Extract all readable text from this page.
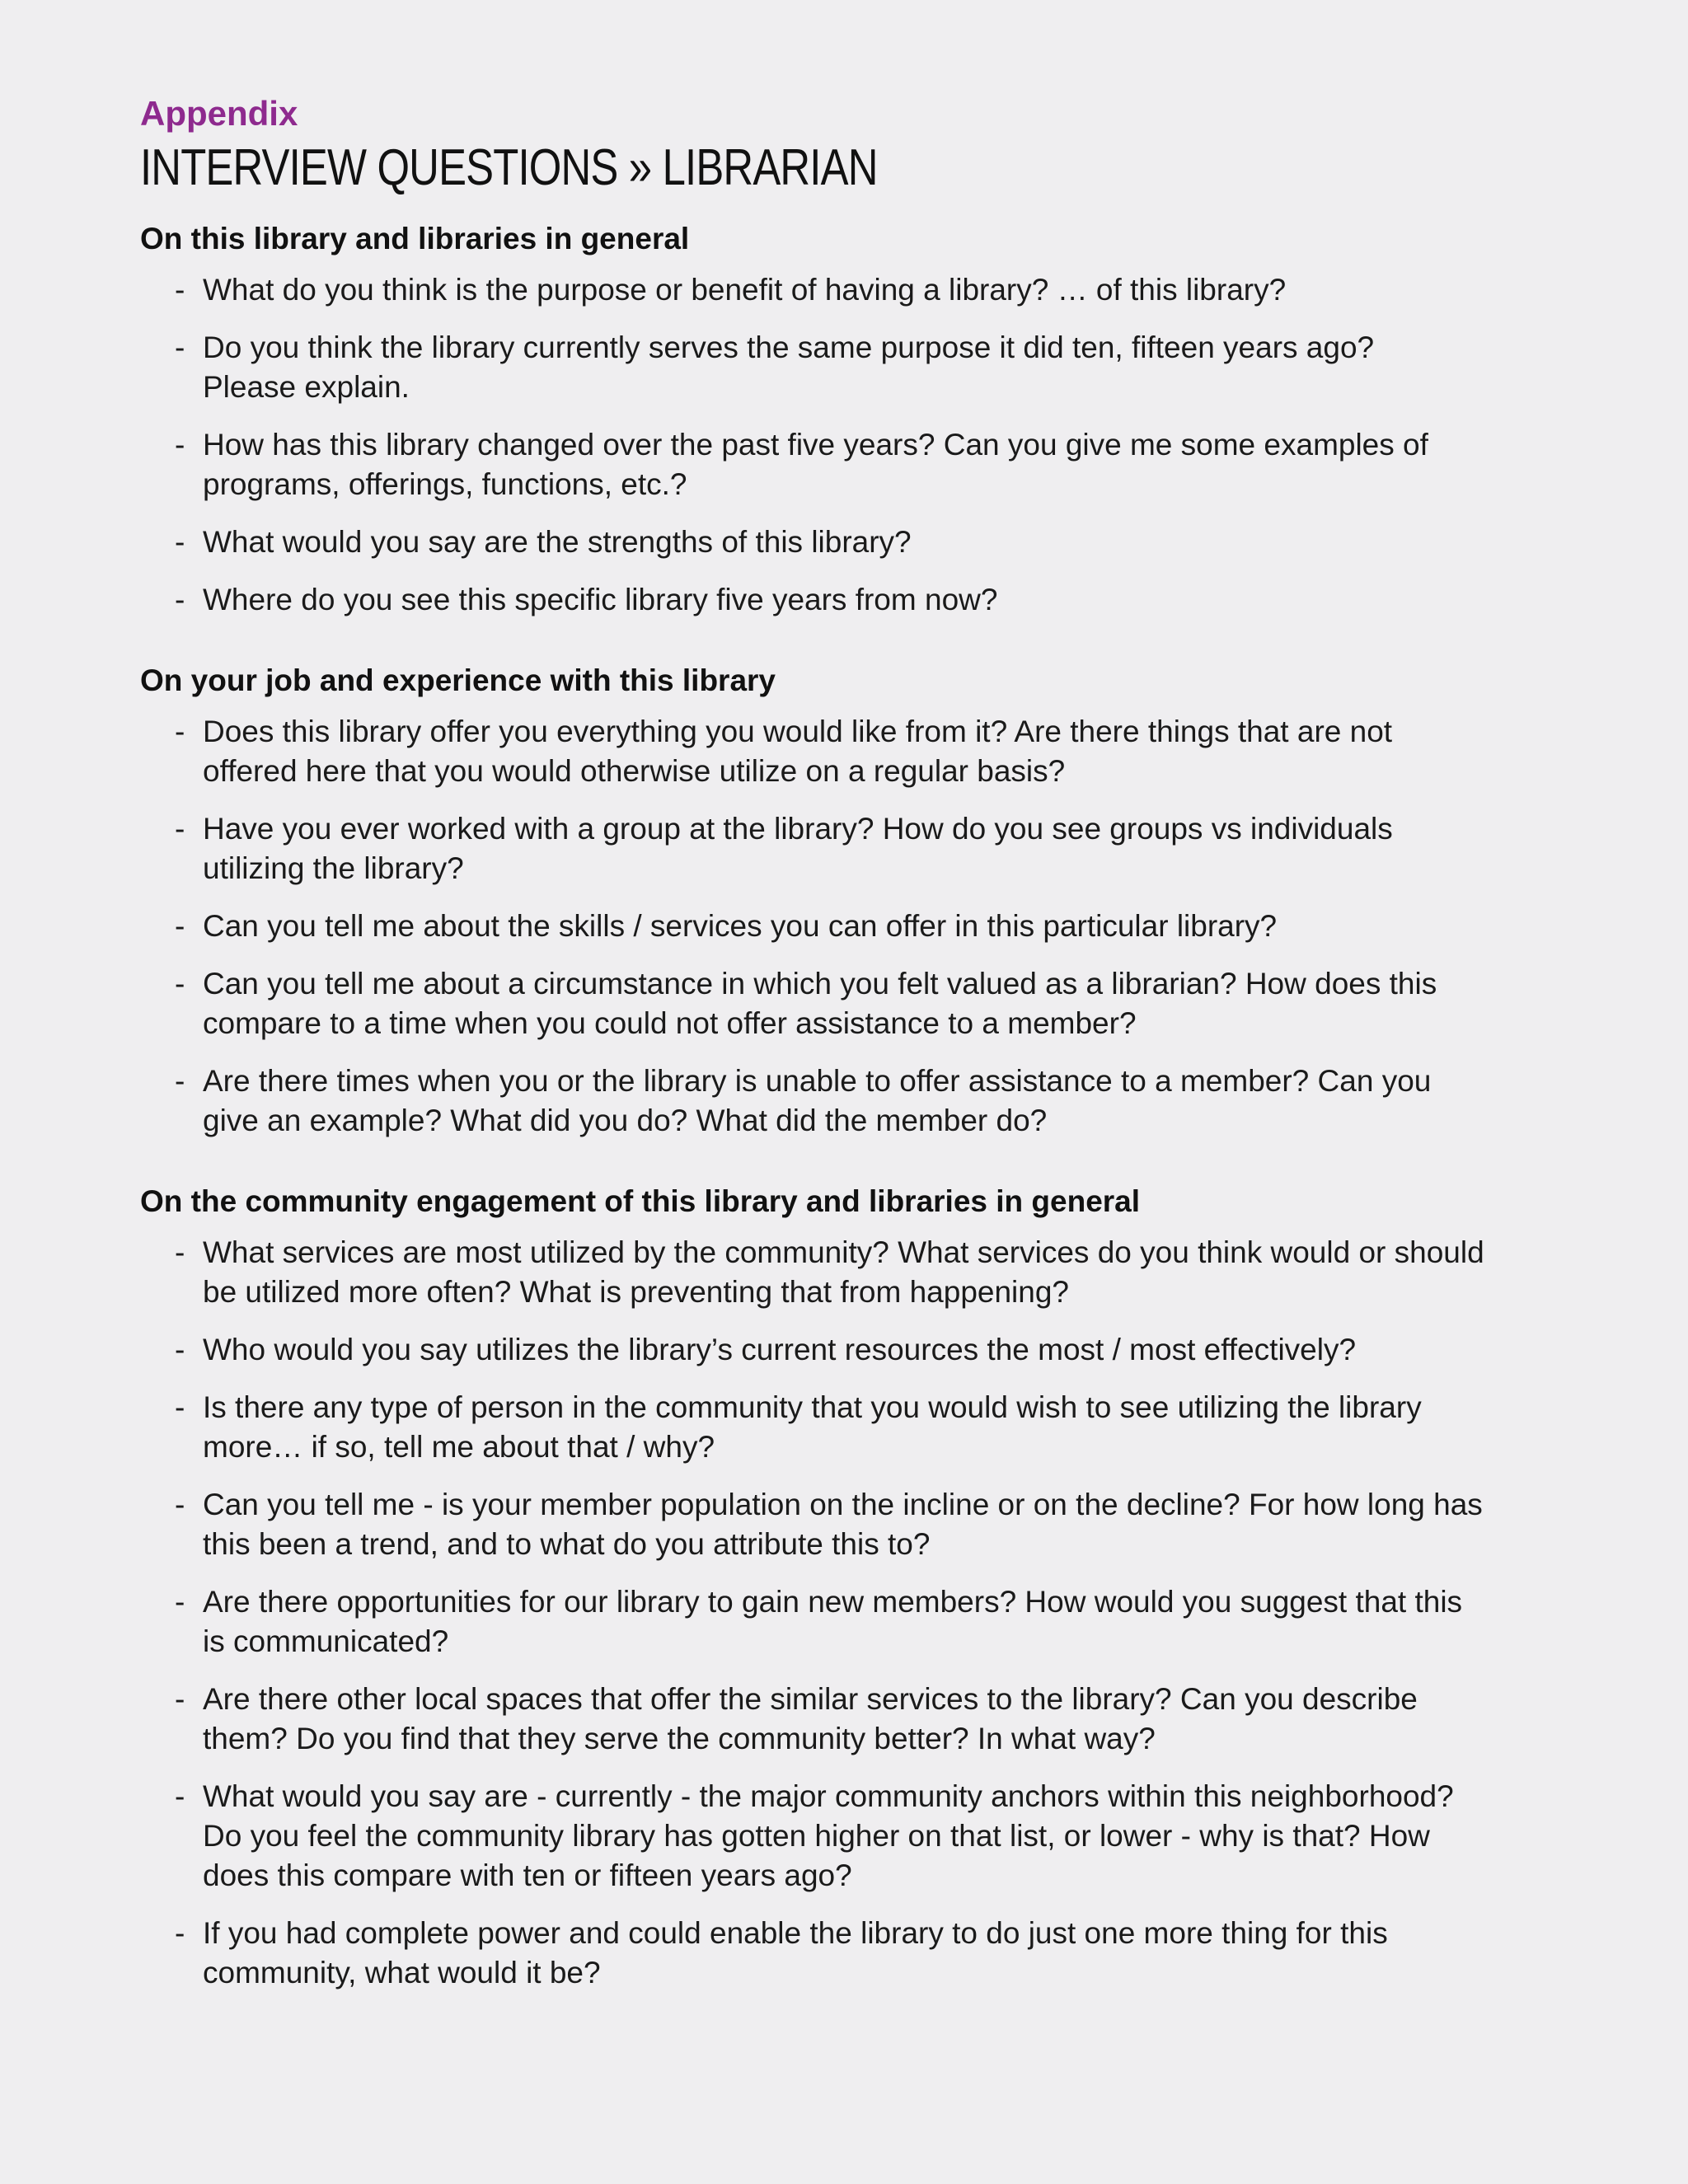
Appendix

INTERVIEW QUESTIONS » LIBRARIAN
On this library and libraries in general
- What do you think is the purpose or benefit of having a library? … of this library?
- Do you think the library currently serves the same purpose it did ten, fifteen years ago?
Please explain.
- How has this library changed over the past five years? Can you give me some examples of
programs, offerings, functions, etc.?
- What would you say are the strengths of this library?
- Where do you see this specific library five years from now?
On your job and experience with this library
- Does this library offer you everything you would like from it? Are there things that are not
offered here that you would otherwise utilize on a regular basis?
- Have you ever worked with a group at the library? How do you see groups vs individuals
utilizing the library?
- Can you tell me about the skills / services you can offer in this particular library?
- Can you tell me about a circumstance in which you felt valued as a librarian? How does this
compare to a time when you could not offer assistance to a member?
- Are there times when you or the library is unable to offer assistance to a member? Can you
give an example? What did you do? What did the member do?
On the community engagement of this library and libraries in general
- What services are most utilized by the community? What services do you think would or should
be utilized more often? What is preventing that from happening?
- Who would you say utilizes the library’s current resources the most / most effectively?
- Is there any type of person in the community that you would wish to see utilizing the library
more… if so, tell me about that / why?
- Can you tell me - is your member population on the incline or on the decline? For how long has
this been a trend, and to what do you attribute this to?
- Are there opportunities for our library to gain new members? How would you suggest that this
is communicated?
- Are there other local spaces that offer the similar services to the library? Can you describe
them? Do you find that they serve the community better? In what way?
- What would you say are - currently - the major community anchors within this neighborhood?
Do you feel the community library has gotten higher on that list, or lower - why is that? How
does this compare with ten or fifteen years ago?
- If you had complete power and could enable the library to do just one more thing for this
community, what would it be?
